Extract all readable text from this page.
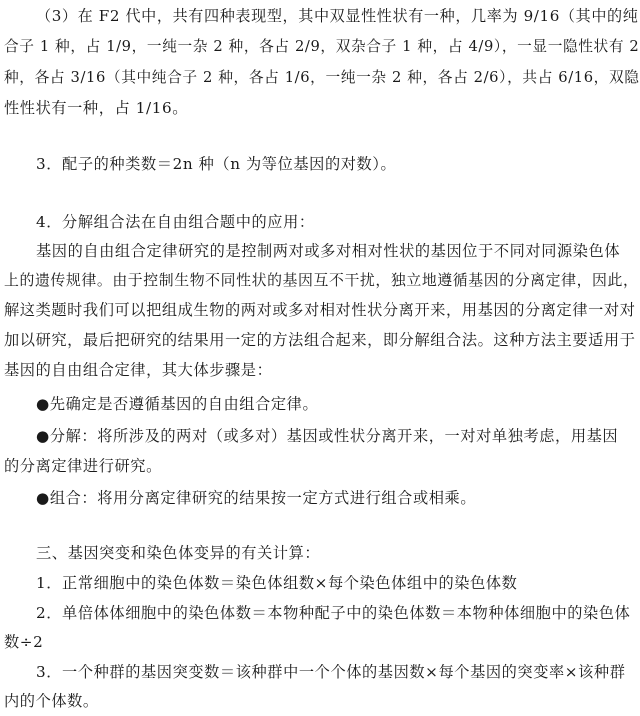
（3）在 F2 代中，共有四种表现型，其中双显性性状有一种，几率为 9/16（其中的纯
合子 1 种，占 1/9，一纯一杂 2 种，各占 2/9，双杂合子 1 种，占 4/9），一显一隐性状有 2
种，各占 3/16（其中纯合子 2 种，各占 1/6，一纯一杂 2 种，各占 2/6），共占 6/16，双隐
性性状有一种，占 1/16。
3．配子的种类数＝2n 种（n 为等位基因的对数）。
4．分解组合法在自由组合题中的应用：
基因的自由组合定律研究的是控制两对或多对相对性状的基因位于不同对同源染色体
上的遗传规律。由于控制生物不同性状的基因互不干扰，独立地遵循基因的分离定律，因此，
解这类题时我们可以把组成生物的两对或多对相对性状分离开来，用基因的分离定律一对对
加以研究，最后把研究的结果用一定的方法组合起来，即分解组合法。这种方法主要适用于
基因的自由组合定律，其大体步骤是：
●先确定是否遵循基因的自由组合定律。
●分解：将所涉及的两对（或多对）基因或性状分离开来，一对对单独考虑，用基因
的分离定律进行研究。
●组合：将用分离定律研究的结果按一定方式进行组合或相乘。
三、基因突变和染色体变异的有关计算：
1．正常细胞中的染色体数＝染色体组数×每个染色体组中的染色体数
2．单倍体体细胞中的染色体数＝本物种配子中的染色体数＝本物种体细胞中的染色体
数÷2
3．一个种群的基因突变数＝该种群中一个个体的基因数×每个基因的突变率×该种群
内的个体数。
